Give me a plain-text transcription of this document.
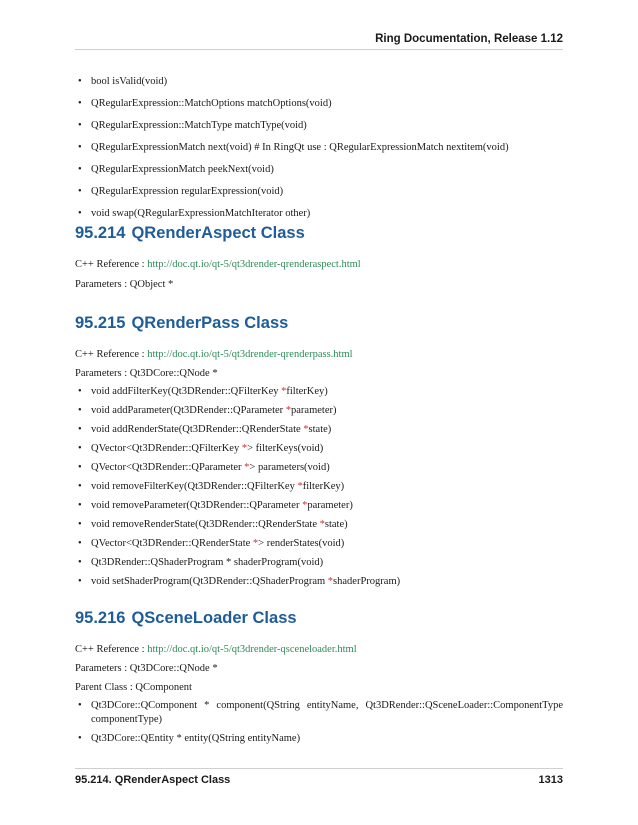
Ring Documentation, Release 1.12
• bool isValid(void)
• QRegularExpression::MatchOptions matchOptions(void)
• QRegularExpression::MatchType matchType(void)
• QRegularExpressionMatch next(void) # In RingQt use : QRegularExpressionMatch nextitem(void)
• QRegularExpressionMatch peekNext(void)
• QRegularExpression regularExpression(void)
• void swap(QRegularExpressionMatchIterator other)
95.214 QRenderAspect Class
C++ Reference : http://doc.qt.io/qt-5/qt3drender-qrenderaspect.html
Parameters : QObject *
95.215 QRenderPass Class
C++ Reference : http://doc.qt.io/qt-5/qt3drender-qrenderpass.html
Parameters : Qt3DCore::QNode *
• void addFilterKey(Qt3DRender::QFilterKey *filterKey)
• void addParameter(Qt3DRender::QParameter *parameter)
• void addRenderState(Qt3DRender::QRenderState *state)
• QVector<Qt3DRender::QFilterKey *> filterKeys(void)
• QVector<Qt3DRender::QParameter *> parameters(void)
• void removeFilterKey(Qt3DRender::QFilterKey *filterKey)
• void removeParameter(Qt3DRender::QParameter *parameter)
• void removeRenderState(Qt3DRender::QRenderState *state)
• QVector<Qt3DRender::QRenderState *> renderStates(void)
• Qt3DRender::QShaderProgram * shaderProgram(void)
• void setShaderProgram(Qt3DRender::QShaderProgram *shaderProgram)
95.216 QSceneLoader Class
C++ Reference : http://doc.qt.io/qt-5/qt3drender-qsceneloader.html
Parameters : Qt3DCore::QNode *
Parent Class : QComponent
• Qt3DCore::QComponent * component(QString entityName, Qt3DRender::QSceneLoader::ComponentType componentType)
• Qt3DCore::QEntity * entity(QString entityName)
95.214. QRenderAspect Class	1313
